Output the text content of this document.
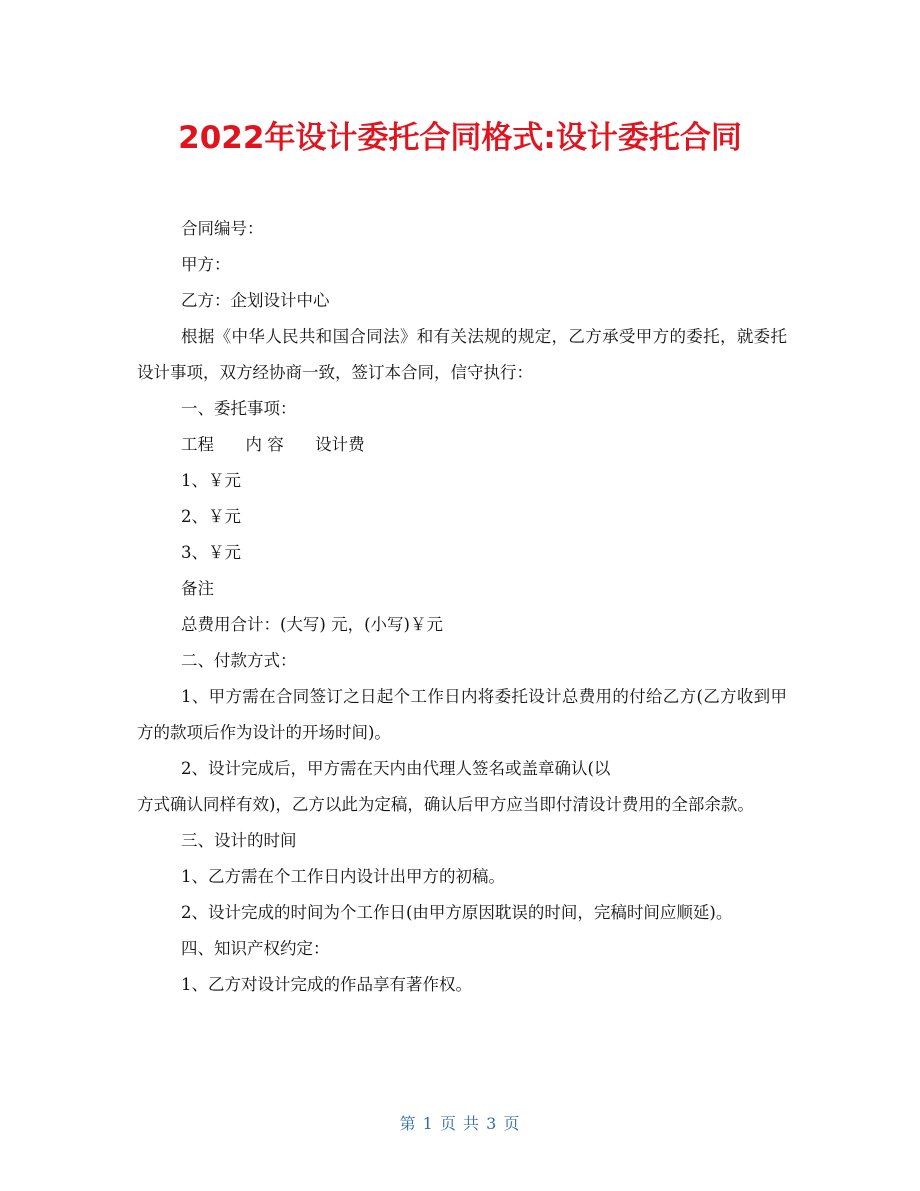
2022年设计委托合同格式:设计委托合同

合同编号：

甲方：

乙方：企划设计中心

根据《中华人民共和国合同法》和有关法规的规定，乙方承受甲方的委托，就委托设计事项，双方经协商一致，签订本合同，信守执行：

一、委托事项：

工程      内 容      设计费

1、￥元

2、￥元

3、￥元

备注

总费用合计：(大写) 元，(小写)￥元

二、付款方式：

1、甲方需在合同签订之日起个工作日内将委托设计总费用的付给乙方(乙方收到甲方的款项后作为设计的开场时间)。

2、设计完成后，甲方需在天内由代理人签名或盖章确认(以

方式确认同样有效)，乙方以此为定稿，确认后甲方应当即付清设计费用的全部余款。

三、设计的时间

1、乙方需在个工作日内设计出甲方的初稿。

2、设计完成的时间为个工作日(由甲方原因耽误的时间，完稿时间应顺延)。

四、知识产权约定：

1、乙方对设计完成的作品享有著作权。

第 1 页 共 3 页
